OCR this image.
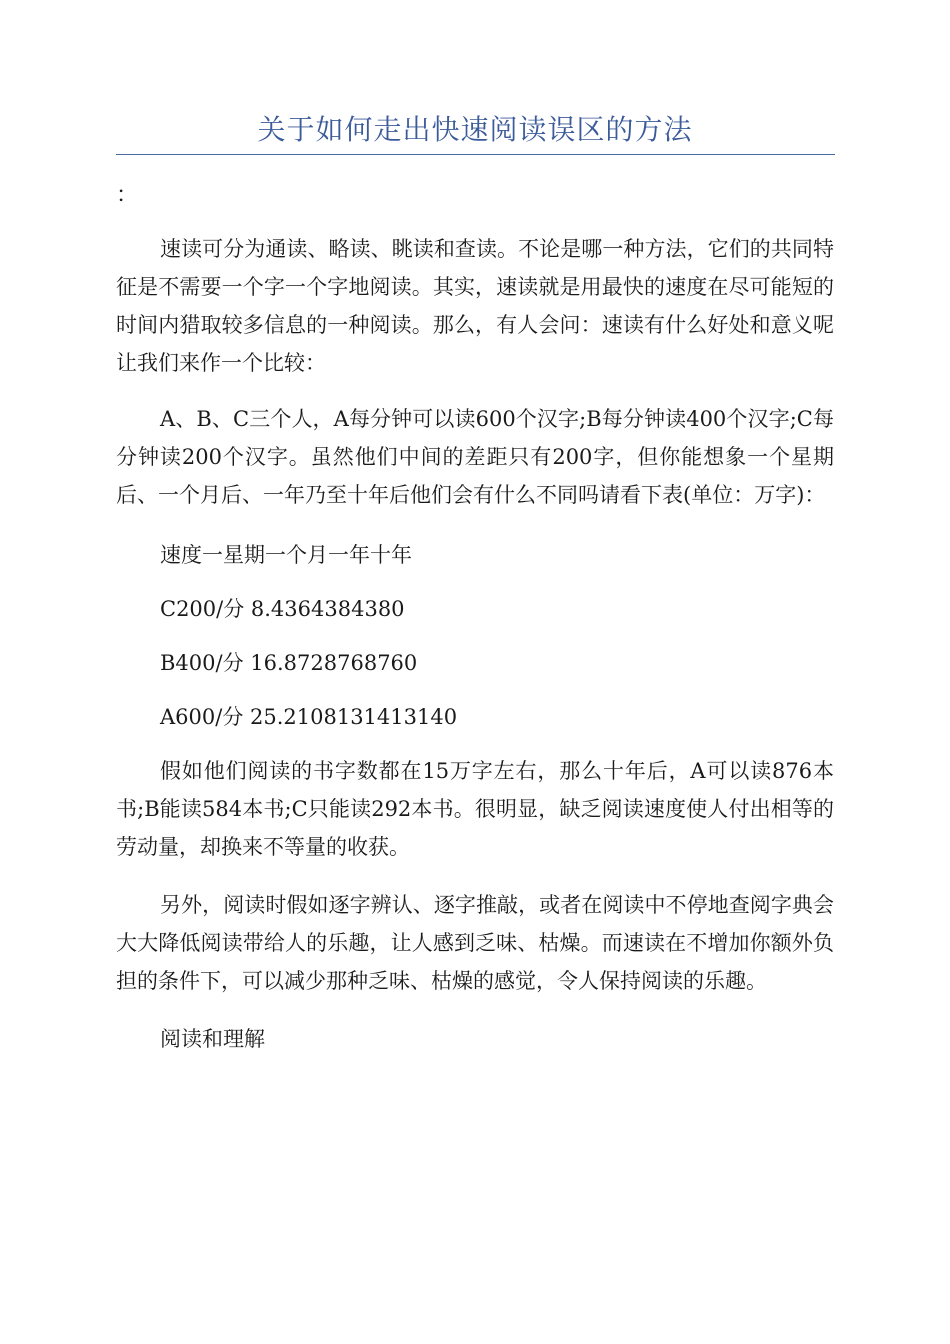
关于如何走出快速阅读误区的方法
：

速读可分为通读、略读、眺读和查读。不论是哪一种方法，它们的共同特征是不需要一个字一个字地阅读。其实，速读就是用最快的速度在尽可能短的时间内猎取较多信息的一种阅读。那么，有人会问：速读有什么好处和意义呢让我们来作一个比较：

A、B、C三个人，A每分钟可以读600个汉字;B每分钟读400个汉字;C每分钟读200个汉字。虽然他们中间的差距只有200字，但你能想象一个星期后、一个月后、一年乃至十年后他们会有什么不同吗请看下表(单位：万字)：

速度一星期一个月一年十年

C200/分 8.4364384380

B400/分 16.8728768760

A600/分 25.2108131413140

假如他们阅读的书字数都在15万字左右，那么十年后，A可以读876本书;B能读584本书;C只能读292本书。很明显，缺乏阅读速度使人付出相等的劳动量，却换来不等量的收获。

另外，阅读时假如逐字辨认、逐字推敲，或者在阅读中不停地查阅字典会大大降低阅读带给人的乐趣，让人感到乏味、枯燥。而速读在不增加你额外负担的条件下，可以减少那种乏味、枯燥的感觉，令人保持阅读的乐趣。

阅读和理解
